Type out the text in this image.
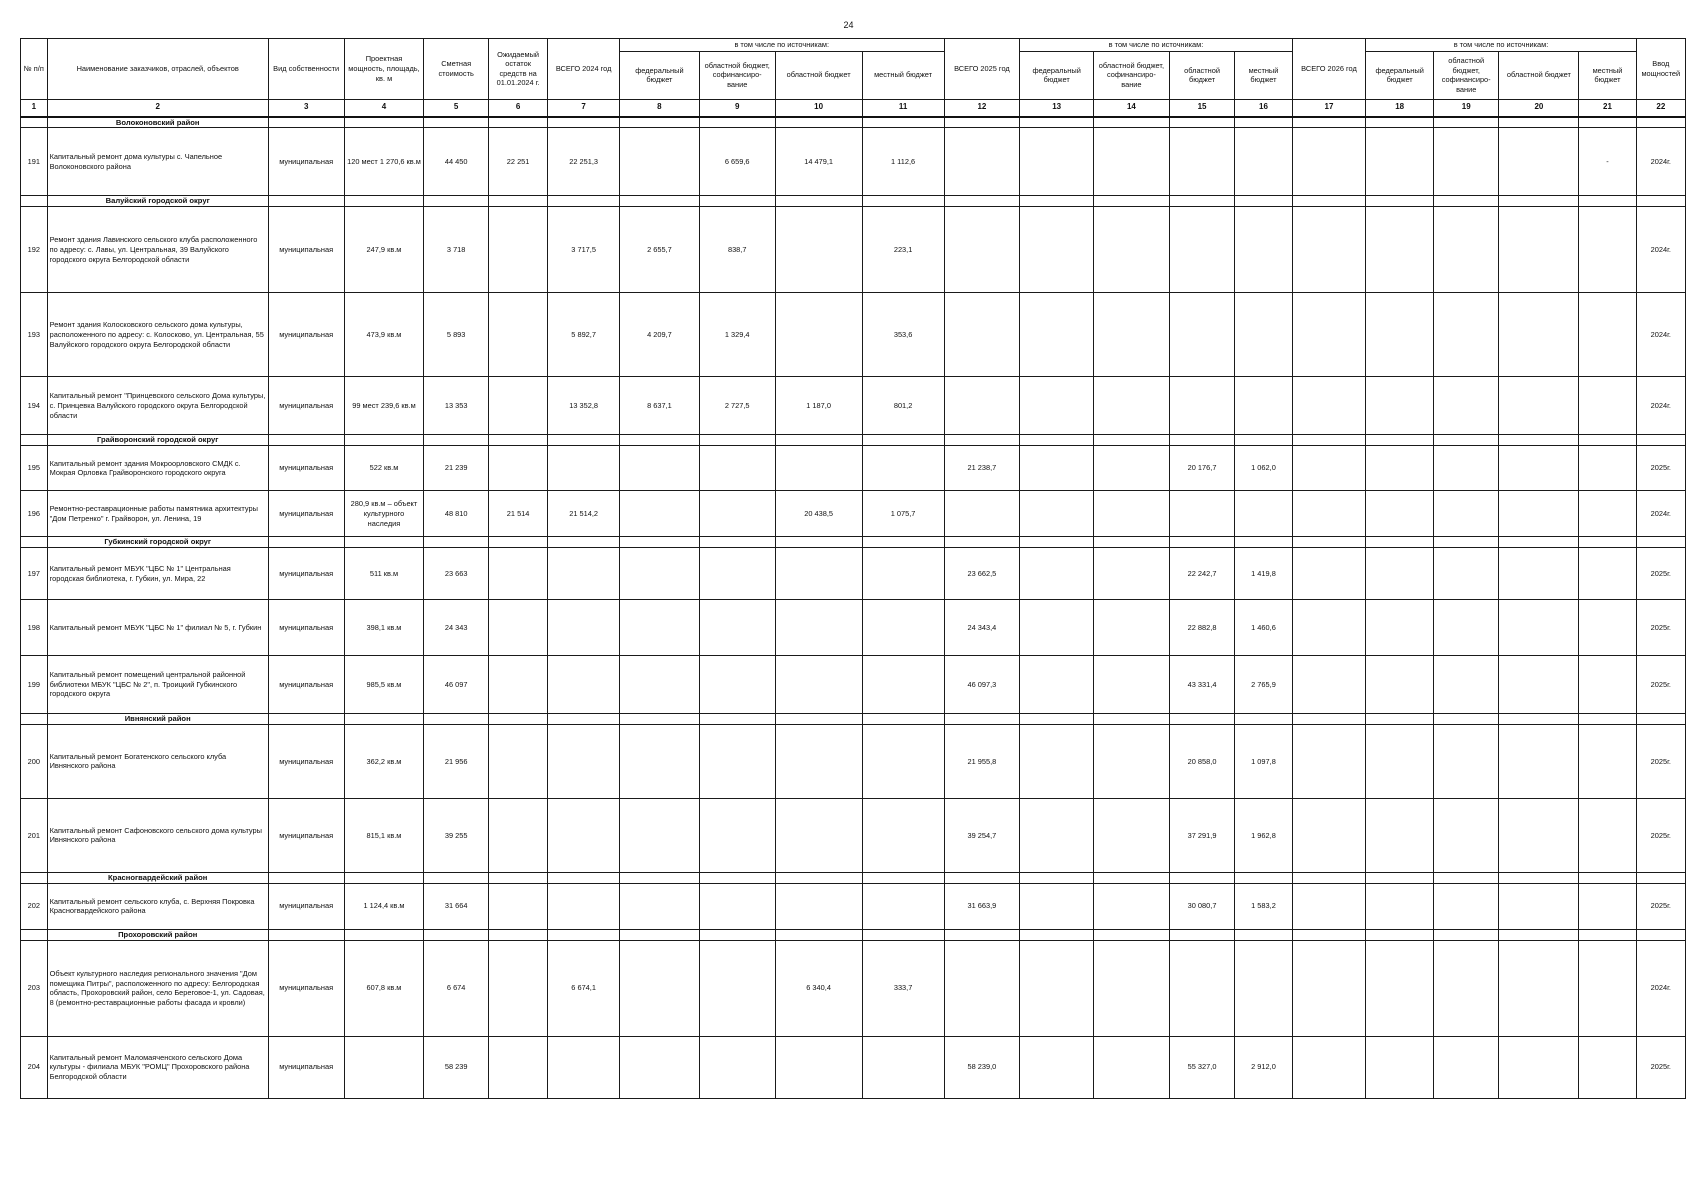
24
№ п/п	Наименование заказчиков, отраслей, объектов	Вид собственности	Проектная мощность, площадь, кв. м	Сметная стоимость	Ожидаемый остаток средств на 01.01.2024 г.	ВСЕГО 2024 год	в том числе по источникам:				ВСЕГО 2025 год	в том числе по источникам:				ВСЕГО 2026 год	в том числе по источникам:				Ввод мощностей
							федеральный бюджет	областной бюджет, софинансиро- вание	областной бюджет	местный бюджет		федеральный бюджет	областной бюджет, софинансиро- вание	областной бюджет	местный бюджет		федеральный бюджет	областной бюджет, софинансиро- вание	областной бюджет	местный бюджет	
1	2	3	4	5	6	7	8	9	10	11	12	13	14	15	16	17	18	19	20	21	22
	Волоконовский район																				
191	Капитальный ремонт дома культуры с. Чапельное Волоконовского района	муниципальная	120 мест 1 270,6 кв.м	44 450	22 251	22 251,3		6 659,6	14 479,1	1 112,6										-	2024г.
	Валуйский городской округ																				
192	Ремонт здания Лавинского сельского клуба расположенного по адресу: с. Лавы, ул. Центральная, 39 Валуйского городского округа Белгородской области	муниципальная	247,9 кв.м	3 718		3 717,5	2 655,7	838,7		223,1											2024г.
193	Ремонт здания Колосковского сельского дома культуры, расположенного по адресу: с. Колосково, ул. Центральная, 55 Валуйского городского округа Белгородской области	муниципальная	473,9 кв.м	5 893		5 892,7	4 209,7	1 329,4		353,6											2024г.
194	Капитальный ремонт "Принцевского сельского Дома культуры, с. Принцевка Валуйского городского округа Белгородской области	муниципальная	99 мест 239,6 кв.м	13 353		13 352,8	8 637,1	2 727,5	1 187,0	801,2											2024г.
	Грайворонский городской округ																				
195	Капитальный ремонт здания Мокроорловского СМДК с. Мокрая Орловка Грайворонского городского округа	муниципальная	522 кв.м	21 239							21 238,7			20 176,7	1 062,0						2025г.
196	Ремонтно-реставрационные работы памятника архитектуры "Дом Петренко" г. Грайворон, ул. Ленина, 19	муниципальная	280,9 кв.м – объект культурного наследия	48 810	21 514	21 514,2			20 438,5	1 075,7											2024г.
	Губкинский городской округ																				
197	Капитальный ремонт МБУК "ЦБС № 1" Центральная городская библиотека, г. Губкин, ул. Мира, 22	муниципальная	511 кв.м	23 663							23 662,5			22 242,7	1 419,8						2025г.
198	Капитальный ремонт МБУК "ЦБС № 1" филиал № 5, г. Губкин	муниципальная	398,1 кв.м	24 343							24 343,4			22 882,8	1 460,6						2025г.
199	Капитальный ремонт помещений центральной районной библиотеки МБУК "ЦБС № 2", п. Троицкий Губкинского городского округа	муниципальная	985,5 кв.м	46 097							46 097,3			43 331,4	2 765,9						2025г.
	Ивнянский район																				
200	Капитальный ремонт Богатенского сельского клуба Ивнянского района	муниципальная	362,2 кв.м	21 956							21 955,8			20 858,0	1 097,8						2025г.
201	Капитальный ремонт Сафоновского сельского дома культуры Ивнянского района	муниципальная	815,1 кв.м	39 255							39 254,7			37 291,9	1 962,8						2025г.
	Красногвардейский район																				
202	Капитальный ремонт сельского клуба, с. Верхняя Покровка Красногвардейского района	муниципальная	1 124,4 кв.м	31 664							31 663,9			30 080,7	1 583,2						2025г.
	Прохоровский район																				
203	Объект культурного наследия регионального значения "Дом помещика Питры", расположенного по адресу: Белгородская область, Прохоровский район, село Береговое-1, ул. Садовая, 8 (ремонтно-реставрационные работы фасада и кровли)	муниципальная	607,8 кв.м	6 674		6 674,1			6 340,4	333,7											2024г.
204	Капитальный ремонт Маломаяченского сельского Дома культуры - филиала МБУК "РОМЦ" Прохоровского района Белгородской области	муниципальная		58 239							58 239,0			55 327,0	2 912,0						2025г.
